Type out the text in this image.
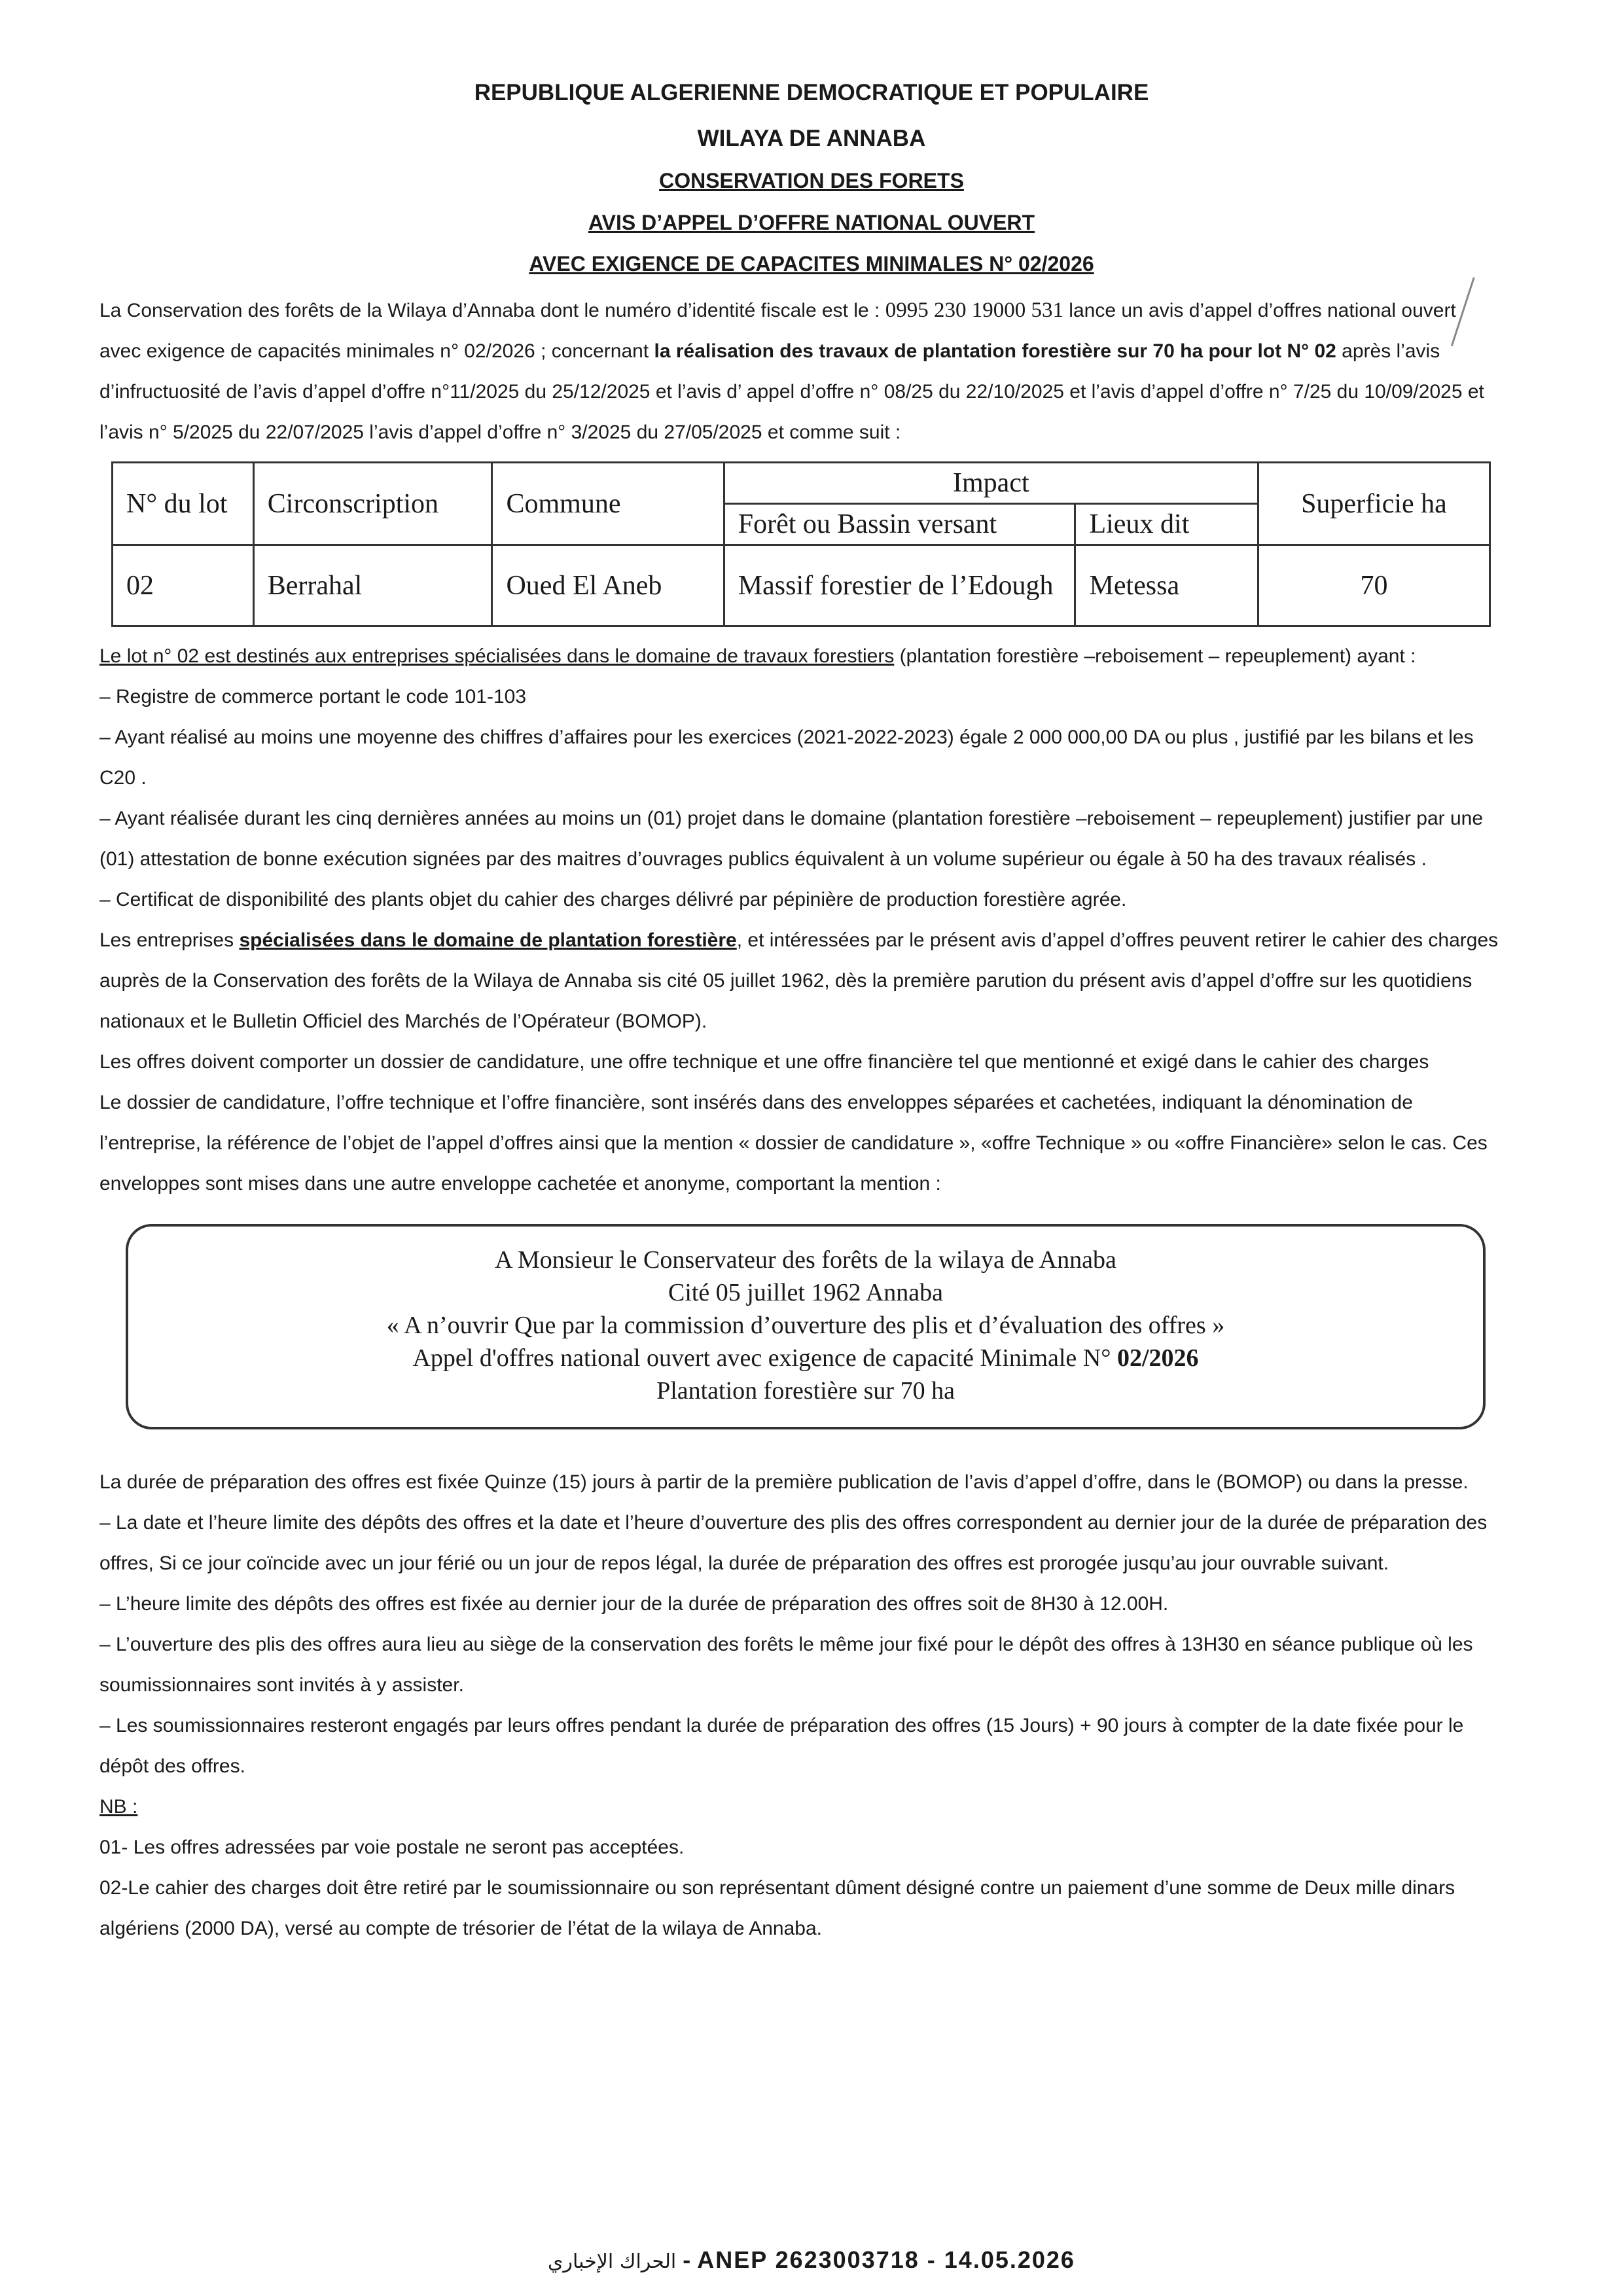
REPUBLIQUE ALGERIENNE DEMOCRATIQUE ET POPULAIRE
WILAYA DE ANNABA
CONSERVATION DES FORETS
AVIS D’APPEL D’OFFRE NATIONAL OUVERT
AVEC EXIGENCE DE CAPACITES MINIMALES N° 02/2026

La Conservation des forêts de la Wilaya d’Annaba dont le numéro d’identité fiscale est le : 0995 230 19000 531 lance un avis d’appel d’offres national ouvert avec exigence de capacités minimales n° 02/2026 ; concernant la réalisation des travaux de plantation forestière sur 70 ha pour lot N° 02 après l’avis d’infructuosité de l’avis d’appel d’offre n°11/2025 du 25/12/2025 et l’avis d’ appel d’offre n° 08/25 du 22/10/2025 et l’avis d’appel d’offre n° 7/25 du 10/09/2025 et l’avis n° 5/2025 du 22/07/2025 l’avis d’appel d’offre n° 3/2025 du 27/05/2025 et comme suit :

N° du lot	Circonscription	Commune	Impact		Superficie ha
			Forêt ou Bassin versant	Lieux dit	
02	Berrahal	Oued El Aneb	Massif forestier de l’Edough	Metessa	70

Le lot n° 02 est destinés aux entreprises spécialisées dans le domaine de travaux forestiers (plantation forestière –reboisement – repeuplement) ayant :

– Registre de commerce portant le code 101-103

– Ayant réalisé au moins une moyenne des chiffres d’affaires pour les exercices (2021-2022-2023) égale 2 000 000,00 DA ou plus , justifié par les bilans et les C20 .

– Ayant réalisée durant les cinq dernières années au moins un (01) projet dans le domaine (plantation forestière –reboisement – repeuplement) justifier par une (01) attestation de bonne exécution signées par des maitres d’ouvrages publics équivalent à un volume supérieur ou égale à 50 ha des travaux réalisés .

– Certificat de disponibilité des plants objet du cahier des charges délivré par pépinière de production forestière agrée.

Les entreprises spécialisées dans le domaine de plantation forestière, et intéressées par le présent avis d’appel d’offres peuvent retirer le cahier des charges auprès de la Conservation des forêts de la Wilaya de Annaba sis cité 05 juillet 1962, dès la première parution du présent avis d’appel d’offre sur les quotidiens nationaux et le Bulletin Officiel des Marchés de l’Opérateur (BOMOP).

Les offres doivent comporter un dossier de candidature, une offre technique et une offre financière tel que mentionné et exigé dans le cahier des charges

Le dossier de candidature, l’offre technique et l’offre financière, sont insérés dans des enveloppes séparées et cachetées, indiquant la dénomination de l’entreprise, la référence de l’objet de l’appel d’offres ainsi que la mention « dossier de candidature », «offre Technique » ou «offre Financière» selon le cas. Ces enveloppes sont mises dans une autre enveloppe cachetée et anonyme, comportant la mention :

A Monsieur le Conservateur des forêts de la wilaya de Annaba
Cité 05 juillet 1962 Annaba
« A n’ouvrir Que par la commission d’ouverture des plis et d’évaluation des offres »
Appel d'offres national ouvert avec exigence de capacité Minimale N° 02/2026
Plantation forestière sur 70 ha

La durée de préparation des offres est fixée Quinze (15) jours à partir de la première publication de l’avis d’appel d’offre, dans le (BOMOP) ou dans la presse.

– La date et l’heure limite des dépôts des offres et la date et l’heure d’ouverture des plis des offres correspondent au dernier jour de la durée de préparation des offres, Si ce jour coïncide avec un jour férié ou un jour de repos légal, la durée de préparation des offres est prorogée jusqu’au jour ouvrable suivant.

– L’heure limite des dépôts des offres est fixée au dernier jour de la durée de préparation des offres soit de 8H30 à 12.00H.

– L’ouverture des plis des offres aura lieu au siège de la conservation des forêts le même jour fixé pour le dépôt des offres à 13H30 en séance publique où les soumissionnaires sont invités à y assister.

– Les soumissionnaires resteront engagés par leurs offres pendant la durée de préparation des offres (15 Jours) + 90 jours à compter de la date fixée pour le dépôt des offres.

NB :

01- Les offres adressées par voie postale ne seront pas acceptées.

02-Le cahier des charges doit être retiré par le soumissionnaire ou son représentant dûment désigné contre un paiement d’une somme de Deux mille dinars algériens (2000 DA), versé au compte de trésorier de l’état de la wilaya de Annaba.

الحراك الإخباري - ANEP 2623003718 - 14.05.2026
